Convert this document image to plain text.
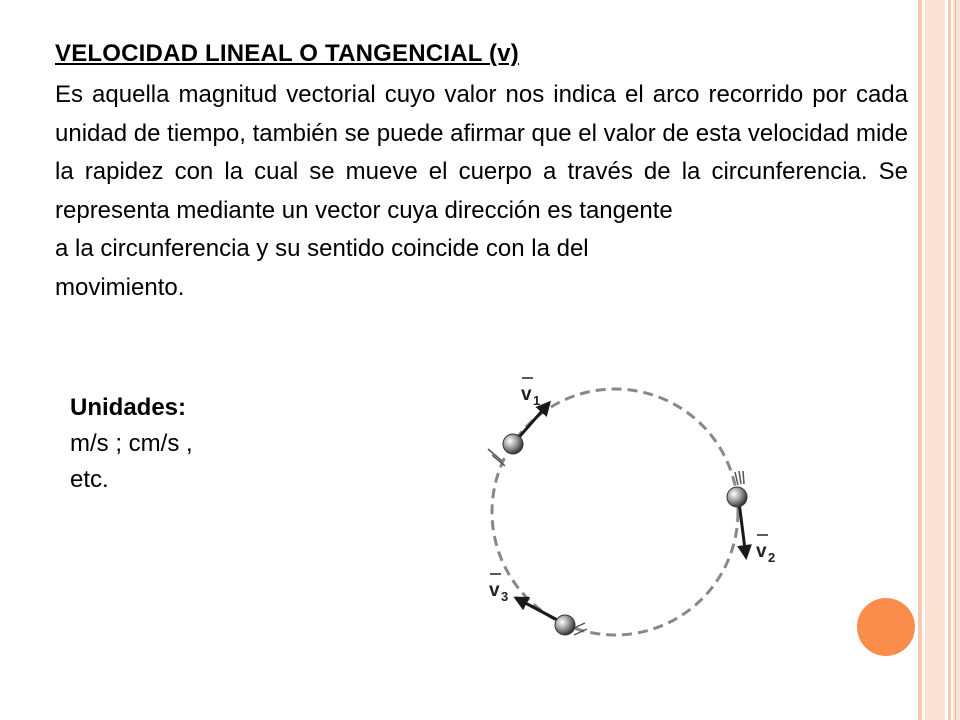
VELOCIDAD LINEAL O TANGENCIAL (v)
Es aquella magnitud vectorial cuyo valor nos indica el arco recorrido por cada unidad de tiempo, también se puede afirmar que el valor de esta velocidad mide la rapidez con la cual se mueve el cuerpo a través de la circunferencia. Se representa mediante un vector cuya dirección es tangente
a la circunferencia y su sentido coincide con la del
movimiento.
Unidades:
m/s ; cm/s ,
etc.
v 1
v 2
v 3
